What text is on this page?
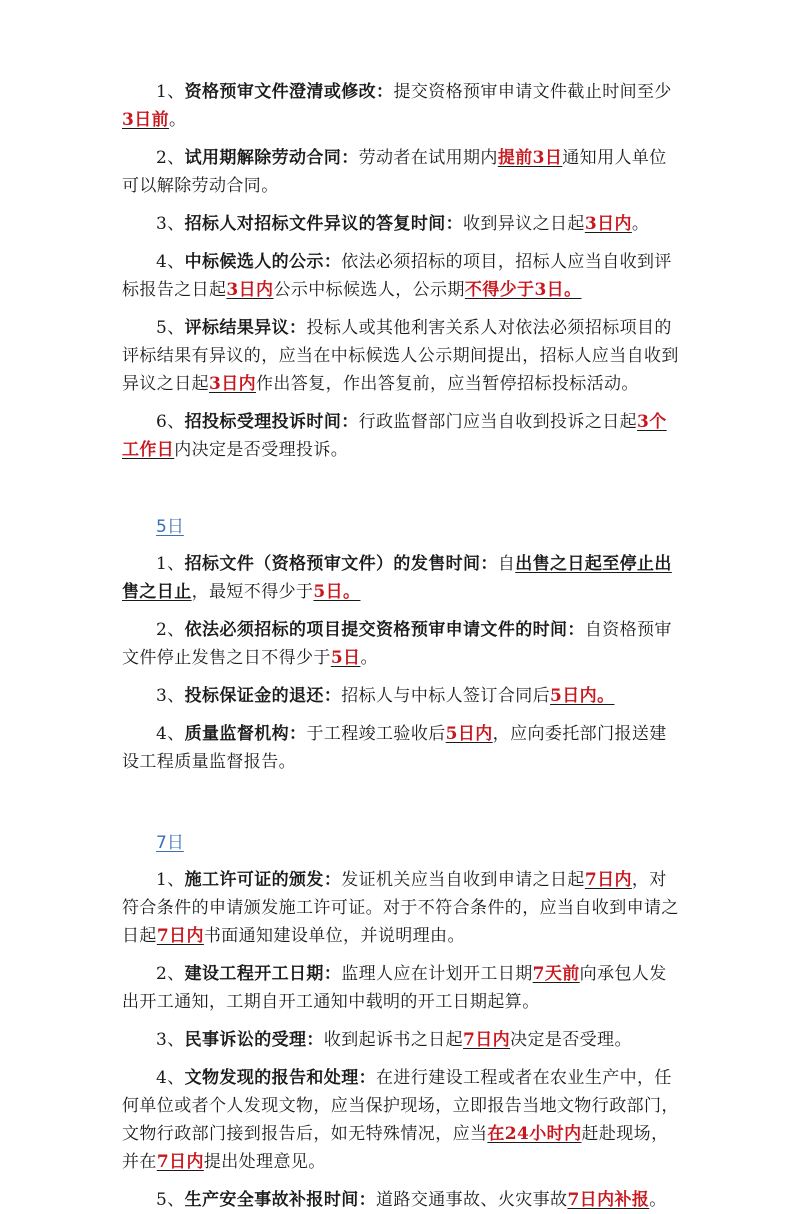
1、资格预审文件澄清或修改：提交资格预审申请文件截止时间至少3日前。

2、试用期解除劳动合同：劳动者在试用期内提前3日通知用人单位可以解除劳动合同。

3、招标人对招标文件异议的答复时间：收到异议之日起3日内。

4、中标候选人的公示：依法必须招标的项目，招标人应当自收到评标报告之日起3日内公示中标候选人，公示期不得少于3日。

5、评标结果异议：投标人或其他利害关系人对依法必须招标项目的评标结果有异议的，应当在中标候选人公示期间提出，招标人应当自收到异议之日起3日内作出答复，作出答复前，应当暂停招标投标活动。

6、招投标受理投诉时间：行政监督部门应当自收到投诉之日起3个工作日内决定是否受理投诉。

5日

1、招标文件（资格预审文件）的发售时间：自出售之日起至停止出售之日止，最短不得少于5日。

2、依法必须招标的项目提交资格预审申请文件的时间：自资格预审文件停止发售之日不得少于5日。

3、投标保证金的退还：招标人与中标人签订合同后5日内。

4、质量监督机构：于工程竣工验收后5日内，应向委托部门报送建设工程质量监督报告。

7日

1、施工许可证的颁发：发证机关应当自收到申请之日起7日内，对符合条件的申请颁发施工许可证。对于不符合条件的，应当自收到申请之日起7日内书面通知建设单位，并说明理由。

2、建设工程开工日期：监理人应在计划开工日期7天前向承包人发出开工通知，工期自开工通知中载明的开工日期起算。

3、民事诉讼的受理：收到起诉书之日起7日内决定是否受理。

4、文物发现的报告和处理：在进行建设工程或者在农业生产中，任何单位或者个人发现文物，应当保护现场，立即报告当地文物行政部门，文物行政部门接到报告后，如无特殊情况，应当在24小时内赶赴现场，并在7日内提出处理意见。

5、生产安全事故补报时间：道路交通事故、火灾事故7日内补报。
